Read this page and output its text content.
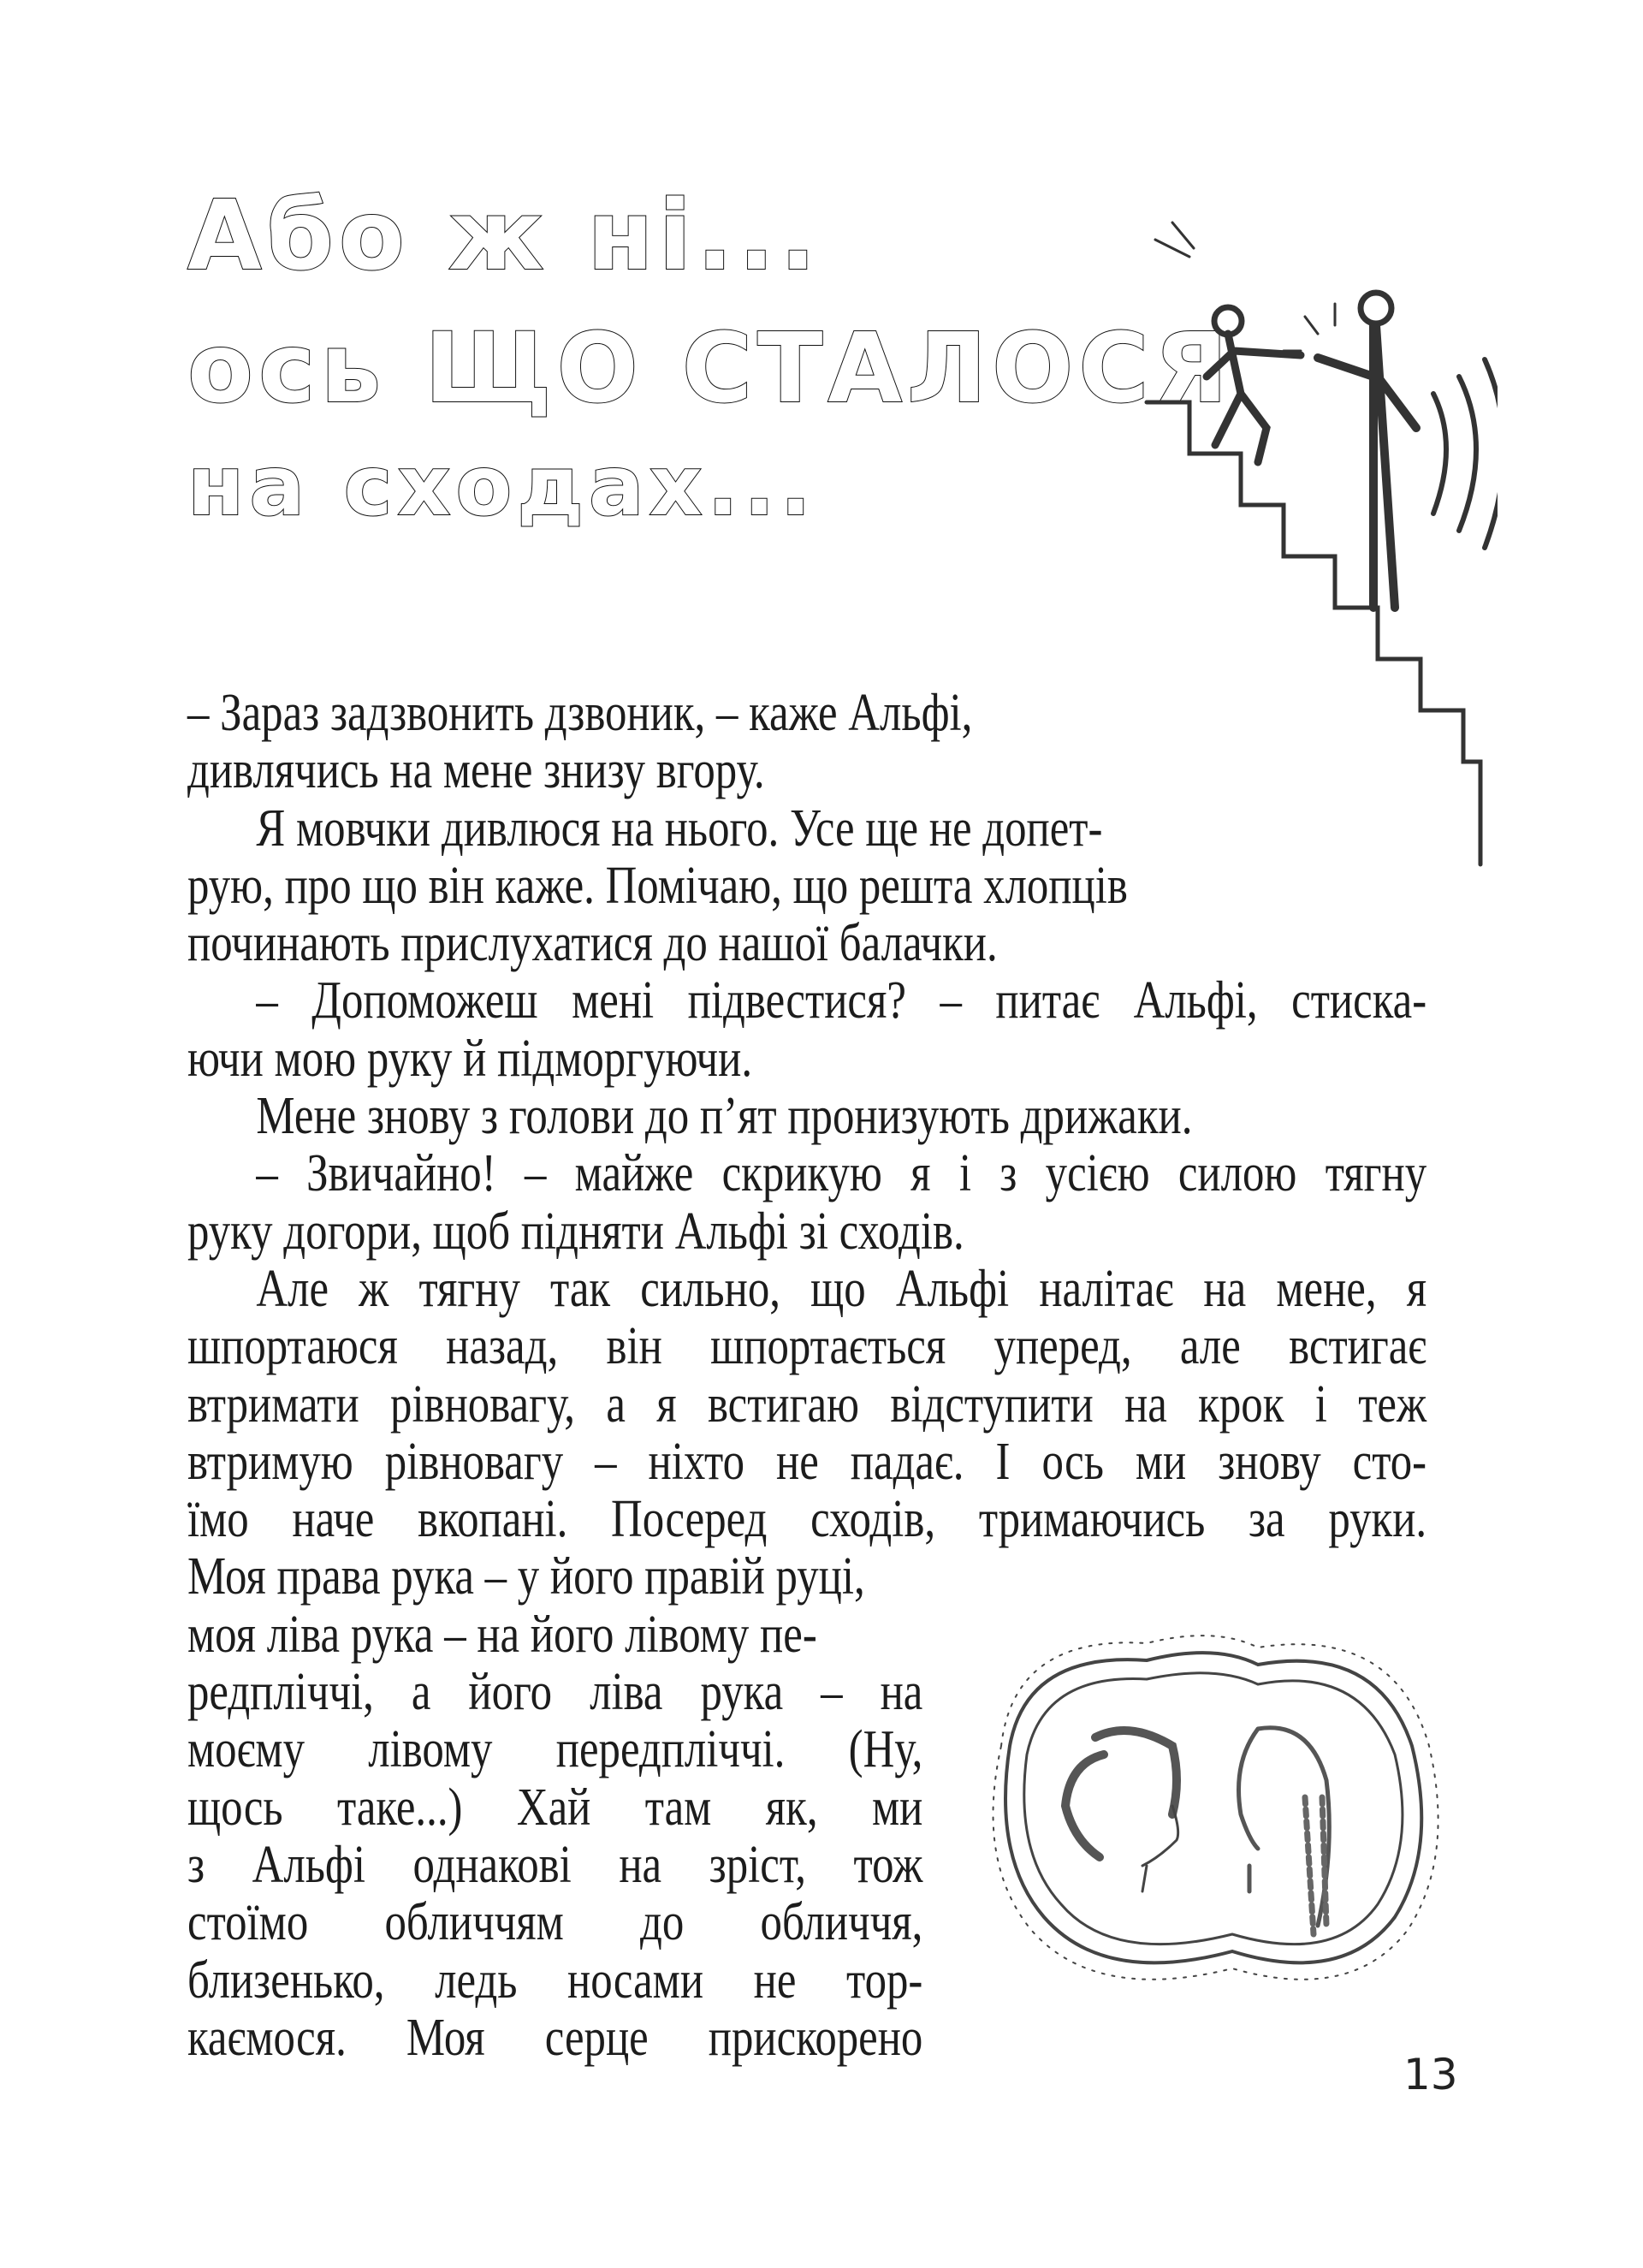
Або ж ні...
ось ЩО СТАЛОСЯ
на сходах...
– Зараз задзвонить дзвоник, – каже Альфі,
дивлячись на мене знизу вгору.
Я мовчки дивлюся на нього. Усе ще не допет-
рую, про що він каже. Помічаю, що решта хлопців
починають прислухатися до нашої балачки.
– Допоможеш мені підвестися? – питає Альфі, стиска-
ючи мою руку й підморгуючи.
Мене знову з голови до п’ят пронизують дрижаки.
– Звичайно! – майже скрикую я і з усією силою тягну
руку догори, щоб підняти Альфі зі сходів.
Але ж тягну так сильно, що Альфі налітає на мене, я
шпортаюся назад, він шпортається уперед, але встигає
втримати рівновагу, а я встигаю відступити на крок і теж
втримую рівновагу – ніхто не падає. І ось ми знову сто-
їмо наче вкопані. Посеред сходів, тримаючись за руки.
Моя права рука – у його правій руці,
моя ліва рука – на його лівому пе-
редпліччі, а його ліва рука – на
моєму лівому передпліччі. (Ну,
щось таке...) Хай там як, ми
з Альфі однакові на зріст, тож
стоїмо обличчям до обличчя,
близенько, ледь носами не тор-
каємося. Моя серце прискорено
13
